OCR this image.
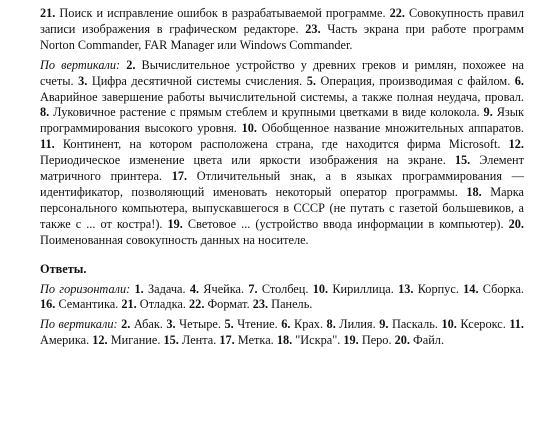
21. Поиск и исправление ошибок в разрабатываемой программе. 22. Совокупность правил записи изображения в графическом редакторе. 23. Часть экрана при работе программ Norton Commander, FAR Manager или Windows Commander.

По вертикали: 2. Вычислительное устройство у древних греков и римлян, похожее на счеты. 3. Цифра десятичной системы счисления. 5. Операция, производимая с файлом. 6. Аварийное завершение работы вычислительной системы, а также полная неудача, провал. 8. Луковичное растение с прямым стеблем и крупными цветками в виде колокола. 9. Язык программирования высокого уровня. 10. Обобщенное название множительных аппаратов. 11. Континент, на котором расположена страна, где находится фирма Microsoft. 12. Периодическое изменение цвета или яркости изображения на экране. 15. Элемент матричного принтера. 17. Отличительный знак, а в языках программирования — идентификатор, позволяющий именовать некоторый оператор программы. 18. Марка персонального компьютера, выпускавшегося в СССР (не путать с газетой большевиков, а также с ... от костра!). 19. Световое ... (устройство ввода информации в компьютер). 20. Поименованная совокупность данных на носителе.

Ответы.

По горизонтали: 1. Задача. 4. Ячейка. 7. Столбец. 10. Кириллица. 13. Корпус. 14. Сборка. 16. Семантика. 21. Отладка. 22. Формат. 23. Панель.

По вертикали: 2. Абак. 3. Четыре. 5. Чтение. 6. Крах. 8. Лилия. 9. Паскаль. 10. Ксерокс. 11. Америка. 12. Мигание. 15. Лента. 17. Метка. 18. "Искра". 19. Перо. 20. Файл.
